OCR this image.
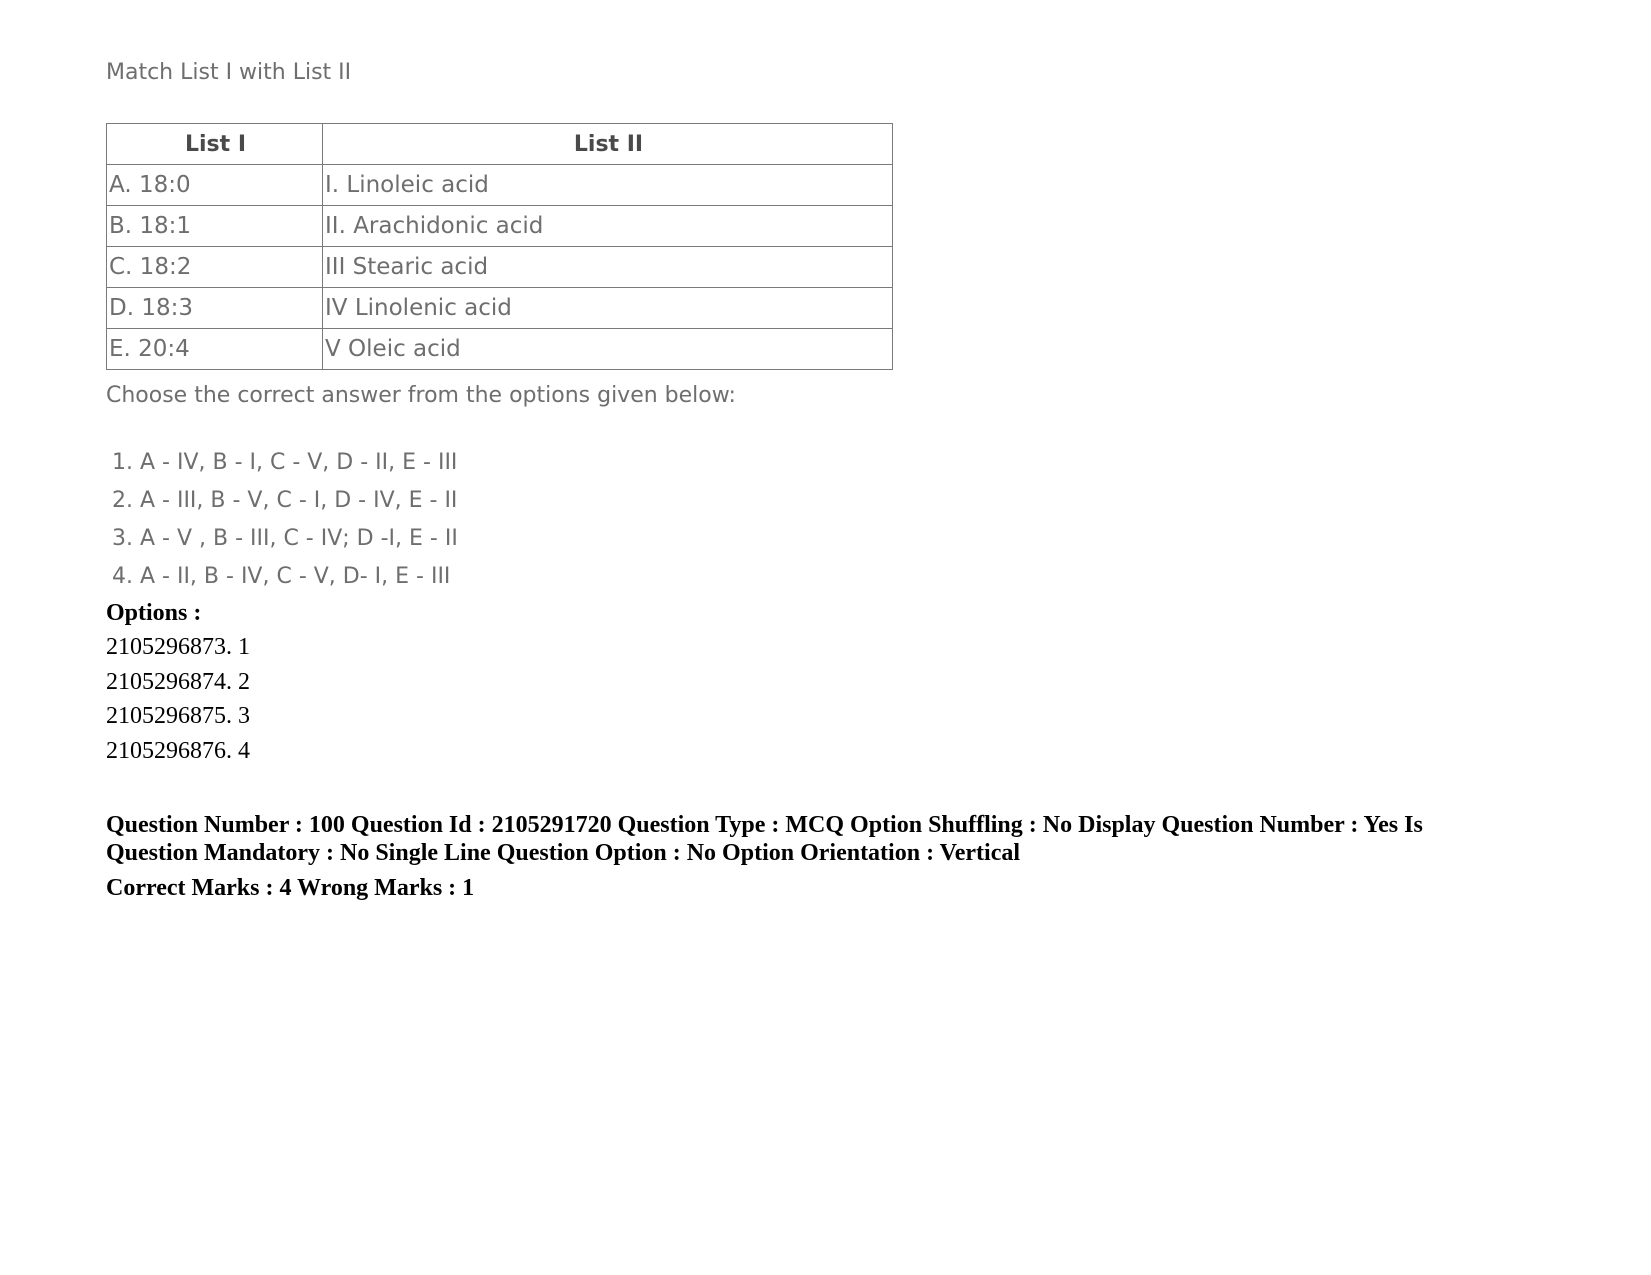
Match List I with List II

List I	List II
A. 18:0	I. Linoleic acid
B. 18:1	II. Arachidonic acid
C. 18:2	III Stearic acid
D. 18:3	IV Linolenic acid
E. 20:4	V Oleic acid

Choose the correct answer from the options given below:

1. A - IV, B - I, C - V, D - II, E - III
2. A - III, B - V, C - I, D - IV, E - II
3. A - V , B - III, C - IV; D -I, E - II
4. A - II, B - IV, C - V, D- I, E - III
Options :
2105296873. 1
2105296874. 2
2105296875. 3
2105296876. 4

Question Number : 100 Question Id : 2105291720 Question Type : MCQ Option Shuffling : No Display Question Number : Yes Is

Question Mandatory : No Single Line Question Option : No Option Orientation : Vertical

Correct Marks : 4 Wrong Marks : 1
